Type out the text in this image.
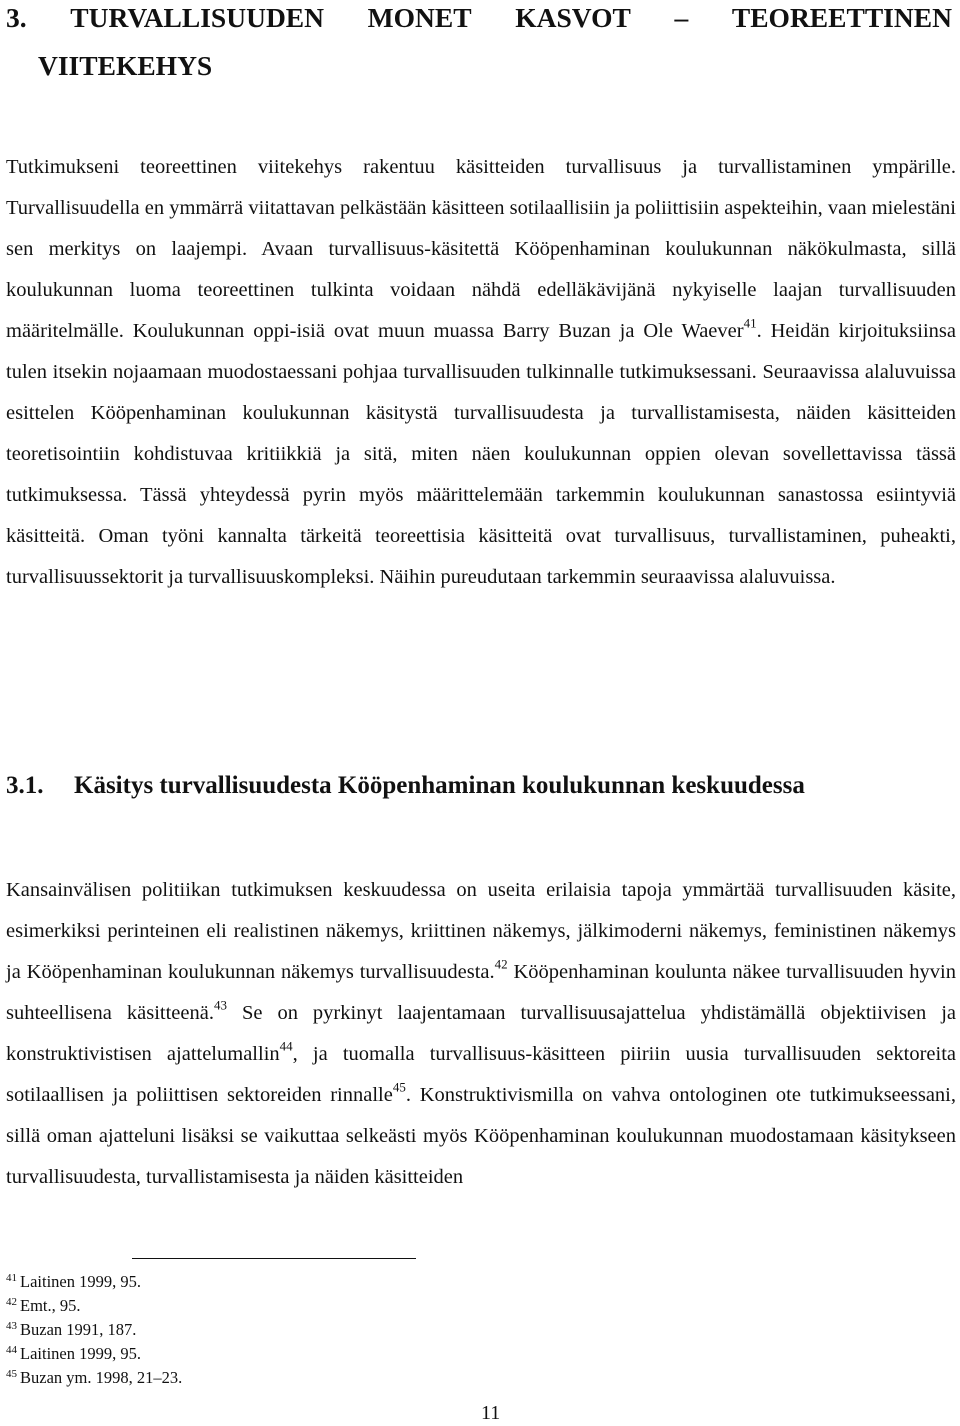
3. TURVALLISUUDEN MONET KASVOT – TEOREETTINEN
VIITEKEHYS

Tutkimukseni teoreettinen viitekehys rakentuu käsitteiden turvallisuus ja turvallistaminen ympärille. Turvallisuudella en ymmärrä viitattavan pelkästään käsitteen sotilaallisiin ja poliittisiin aspekteihin, vaan mielestäni sen merkitys on laajempi. Avaan turvallisuus-käsitettä Kööpenhaminan koulukunnan näkökulmasta, sillä koulukunnan luoma teoreettinen tulkinta voidaan nähdä edelläkävijänä nykyiselle laajan turvallisuuden määritelmälle. Koulukunnan oppi-isiä ovat muun muassa Barry Buzan ja Ole Waever$^{41}$. Heidän kirjoituksiinsa tulen itsekin nojaamaan muodostaessani pohjaa turvallisuuden tulkinnalle tutkimuksessani. Seuraavissa alaluvuissa esittelen Kööpenhaminan koulukunnan käsitystä turvallisuudesta ja turvallistamisesta, näiden käsitteiden teoretisointiin kohdistuvaa kritiikkiä ja sitä, miten näen koulukunnan oppien olevan sovellettavissa tässä tutkimuksessa. Tässä yhteydessä pyrin myös määrittelemään tarkemmin koulukunnan sanastossa esiintyviä käsitteitä. Oman työni kannalta tärkeitä teoreettisia käsitteitä ovat turvallisuus, turvallistaminen, puheakti, turvallisuussektorit ja turvallisuuskompleksi. Näihin pureudutaan tarkemmin seuraavissa alaluvuissa.

3.1. Käsitys turvallisuudesta Kööpenhaminan koulukunnan keskuudessa

Kansainvälisen politiikan tutkimuksen keskuudessa on useita erilaisia tapoja ymmärtää turvallisuuden käsite, esimerkiksi perinteinen eli realistinen näkemys, kriittinen näkemys, jälkimoderni näkemys, feministinen näkemys ja Kööpenhaminan koulukunnan näkemys turvallisuudesta.$^{42}$ Kööpenhaminan koulunta näkee turvallisuuden hyvin suhteellisena käsitteenä.$^{43}$ Se on pyrkinyt laajentamaan turvallisuusajattelua yhdistämällä objektiivisen ja konstruktivistisen ajattelumallin$^{44}$, ja tuomalla turvallisuus-käsitteen piiriin uusia turvallisuuden sektoreita sotilaallisen ja poliittisen sektoreiden rinnalle$^{45}$. Konstruktivismilla on vahva ontologinen ote tutkimukseessani, sillä oman ajatteluni lisäksi se vaikuttaa selkeästi myös Kööpenhaminan koulukunnan muodostamaan käsitykseen turvallisuudesta, turvallistamisesta ja näiden käsitteiden

$^{41}$ Laitinen 1999, 95.
$^{42}$ Emt., 95.
$^{43}$ Buzan 1991, 187.
$^{44}$ Laitinen 1999, 95.
$^{45}$ Buzan ym. 1998, 21–23.
11
